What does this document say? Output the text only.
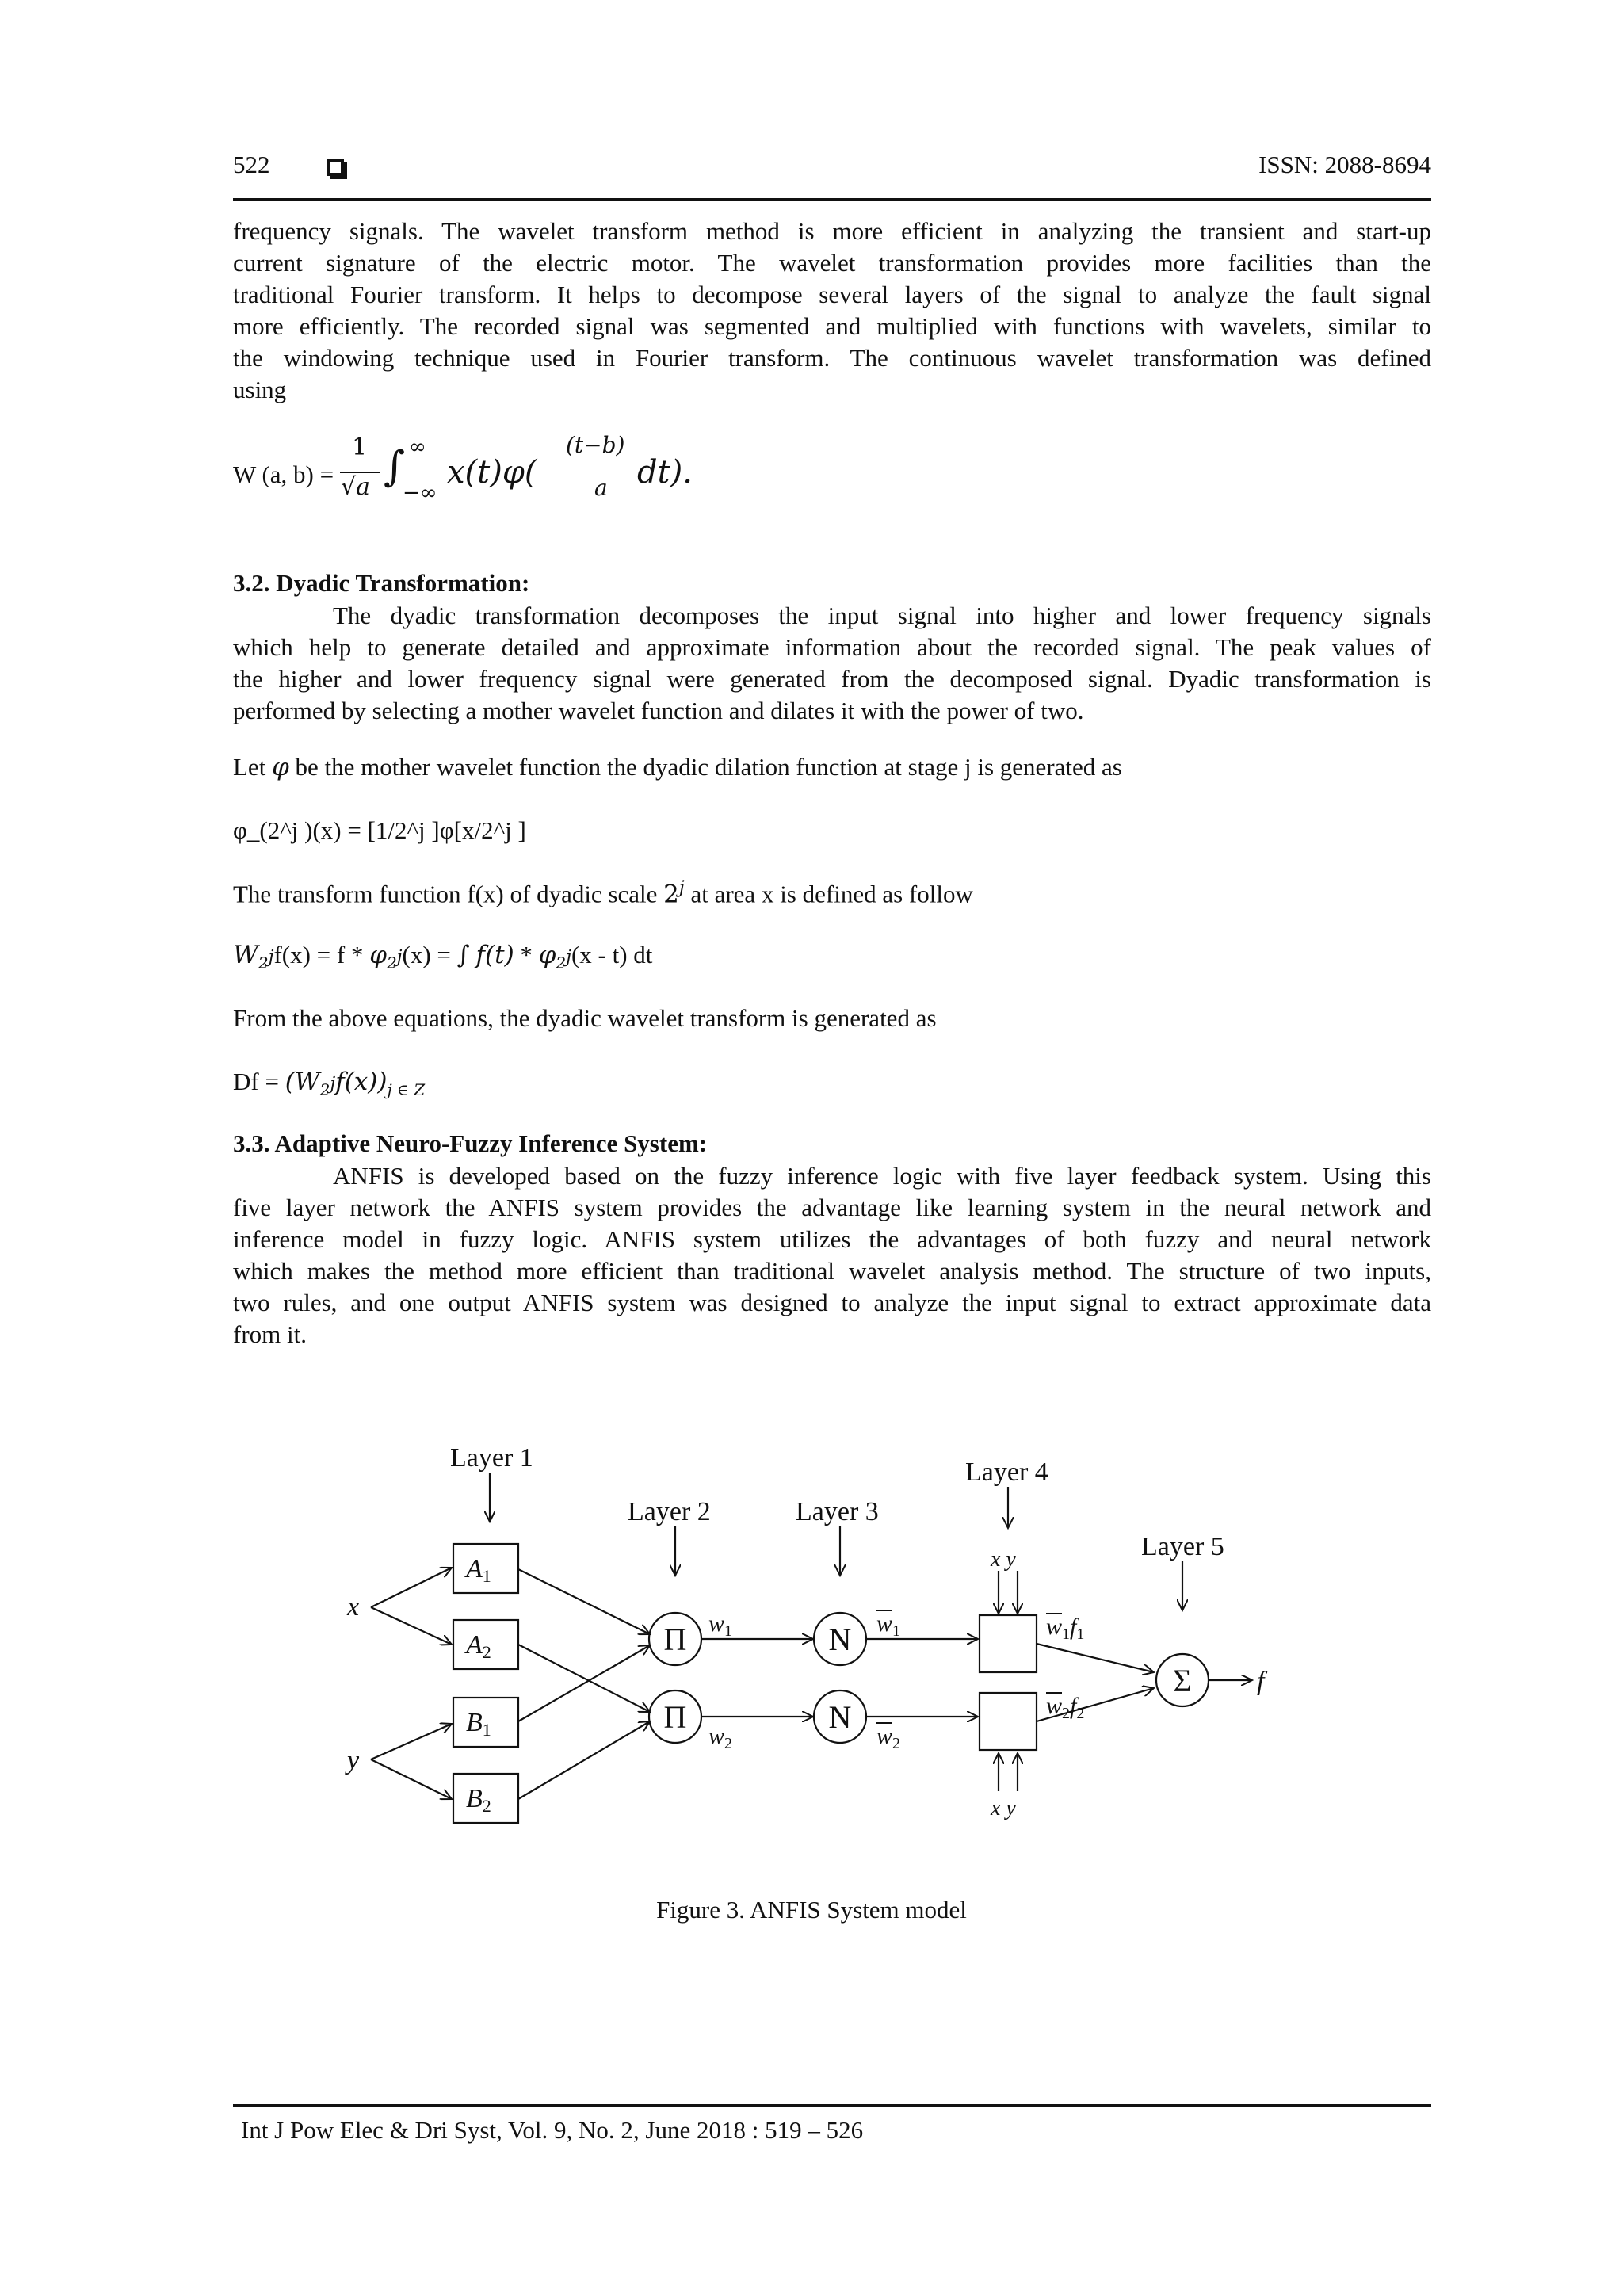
522	ISSN: 2088-8694
frequency signals. The wavelet transform method is more efficient in analyzing the transient and start-up
current signature of the electric motor. The wavelet transformation provides more facilities than the
traditional Fourier transform. It helps to decompose several layers of the signal to analyze the fault signal
more efficiently. The recorded signal was segmented and multiplied with functions with wavelets, similar to
the windowing technique used in Fourier transform. The continuous wavelet transformation was defined
using
W (a, b) =
1
√a ∫ ∞
−∞
x(t)φ(
(t−b)
a dt).
3.2. Dyadic Transformation:
The dyadic transformation decomposes the input signal into higher and lower frequency signals
which help to generate detailed and approximate information about the recorded signal. The peak values of
the higher and lower frequency signal were generated from the decomposed signal. Dyadic transformation is
performed by selecting a mother wavelet function and dilates it with the power of two.
Let φ be the mother wavelet function the dyadic dilation function at stage j is generated as
φ_(2^j )(x) = [1/2^j ]φ[x/2^j ]
The transform function f(x) of dyadic scale 2$^j$ at area x is defined as follow
$W_{2^j}f(x) = f * \varphi_{2^j}(x)$ = ∫ $f(t) * \varphi_{2^j}(x - t)$ dt
From the above equations, the dyadic wavelet transform is generated as
$Df = (W_{2^j}f(x))_{j \in Z}$
3.3. Adaptive Neuro-Fuzzy Inference System:
ANFIS is developed based on the fuzzy inference logic with five layer feedback system. Using this
five layer network the ANFIS system provides the advantage like learning system in the neural network and
inference model in fuzzy logic. ANFIS system utilizes the advantages of both fuzzy and neural network
which makes the method more efficient than traditional wavelet analysis method. The structure of two inputs,
two rules, and one output ANFIS system was designed to analyze the input signal to extract approximate data
from it.
Layer 1
Layer 2	Layer 3
Layer 4
Layer 5
x
y
A1
A2
B1
B2
Π
Π
N
N
Σ
$w_1$
$w_2$
$w_1$
$w_2$
$w_1f_1$
$w_2f_2$
x y
x y
f
Figure 3. ANFIS System model
Int J Pow Elec & Dri Syst, Vol. 9, No. 2, June 2018 : 519 – 526
